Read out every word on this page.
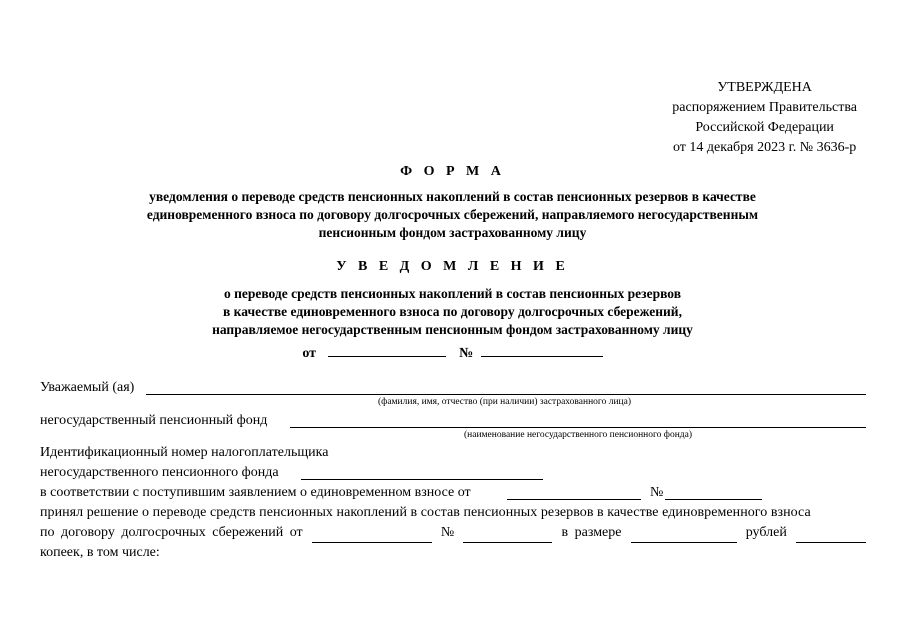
УТВЕРЖДЕНА
распоряжением Правительства
Российской Федерации
от 14 декабря 2023 г. № 3636-р
Ф О Р М А
уведомления о переводе средств пенсионных накоплений в состав пенсионных резервов в качестве
единовременного взноса по договору долгосрочных сбережений, направляемого негосударственным
пенсионным фондом застрахованному лицу
У В Е Д О М Л Е Н И Е
о переводе средств пенсионных накоплений в состав пенсионных резервов
в качестве единовременного взноса по договору долгосрочных сбережений,
направляемое негосударственным пенсионным фондом застрахованному лицу
от	№
Уважаемый (ая)
(фамилия, имя, отчество (при наличии) застрахованного лица)
негосударственный пенсионный фонд
(наименование негосударственного пенсионного фонда)
Идентификационный номер налогоплательщика
негосударственного пенсионного фонда
в соответствии с поступившим заявлением о единовременном взносе от	№
принял решение о переводе средств пенсионных накоплений в состав пенсионных резервов в качестве единовременного взноса
по договору долгосрочных сбережений от	№	в размере	рублей
копеек, в том числе:
